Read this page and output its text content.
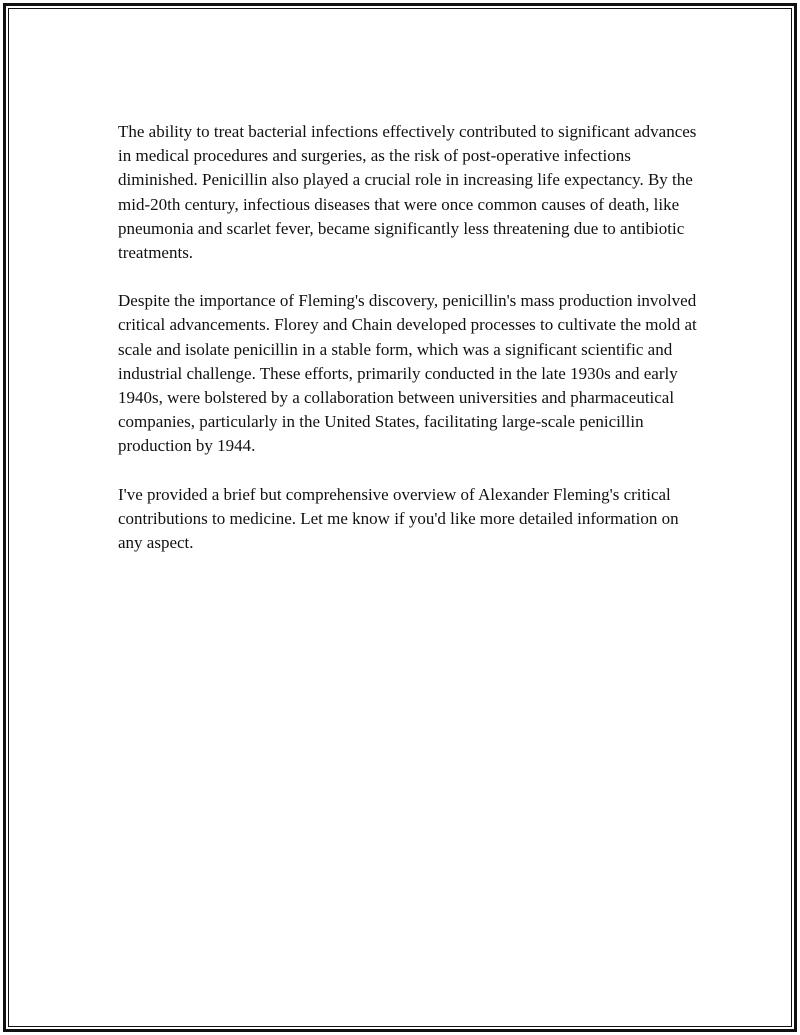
The ability to treat bacterial infections effectively contributed to significant advances in medical procedures and surgeries, as the risk of post-operative infections diminished. Penicillin also played a crucial role in increasing life expectancy. By the mid-20th century, infectious diseases that were once common causes of death, like pneumonia and scarlet fever, became significantly less threatening due to antibiotic treatments.

Despite the importance of Fleming's discovery, penicillin's mass production involved critical advancements. Florey and Chain developed processes to cultivate the mold at scale and isolate penicillin in a stable form, which was a significant scientific and industrial challenge. These efforts, primarily conducted in the late 1930s and early 1940s, were bolstered by a collaboration between universities and pharmaceutical companies, particularly in the United States, facilitating large-scale penicillin production by 1944.

I've provided a brief but comprehensive overview of Alexander Fleming's critical contributions to medicine. Let me know if you'd like more detailed information on any aspect.
